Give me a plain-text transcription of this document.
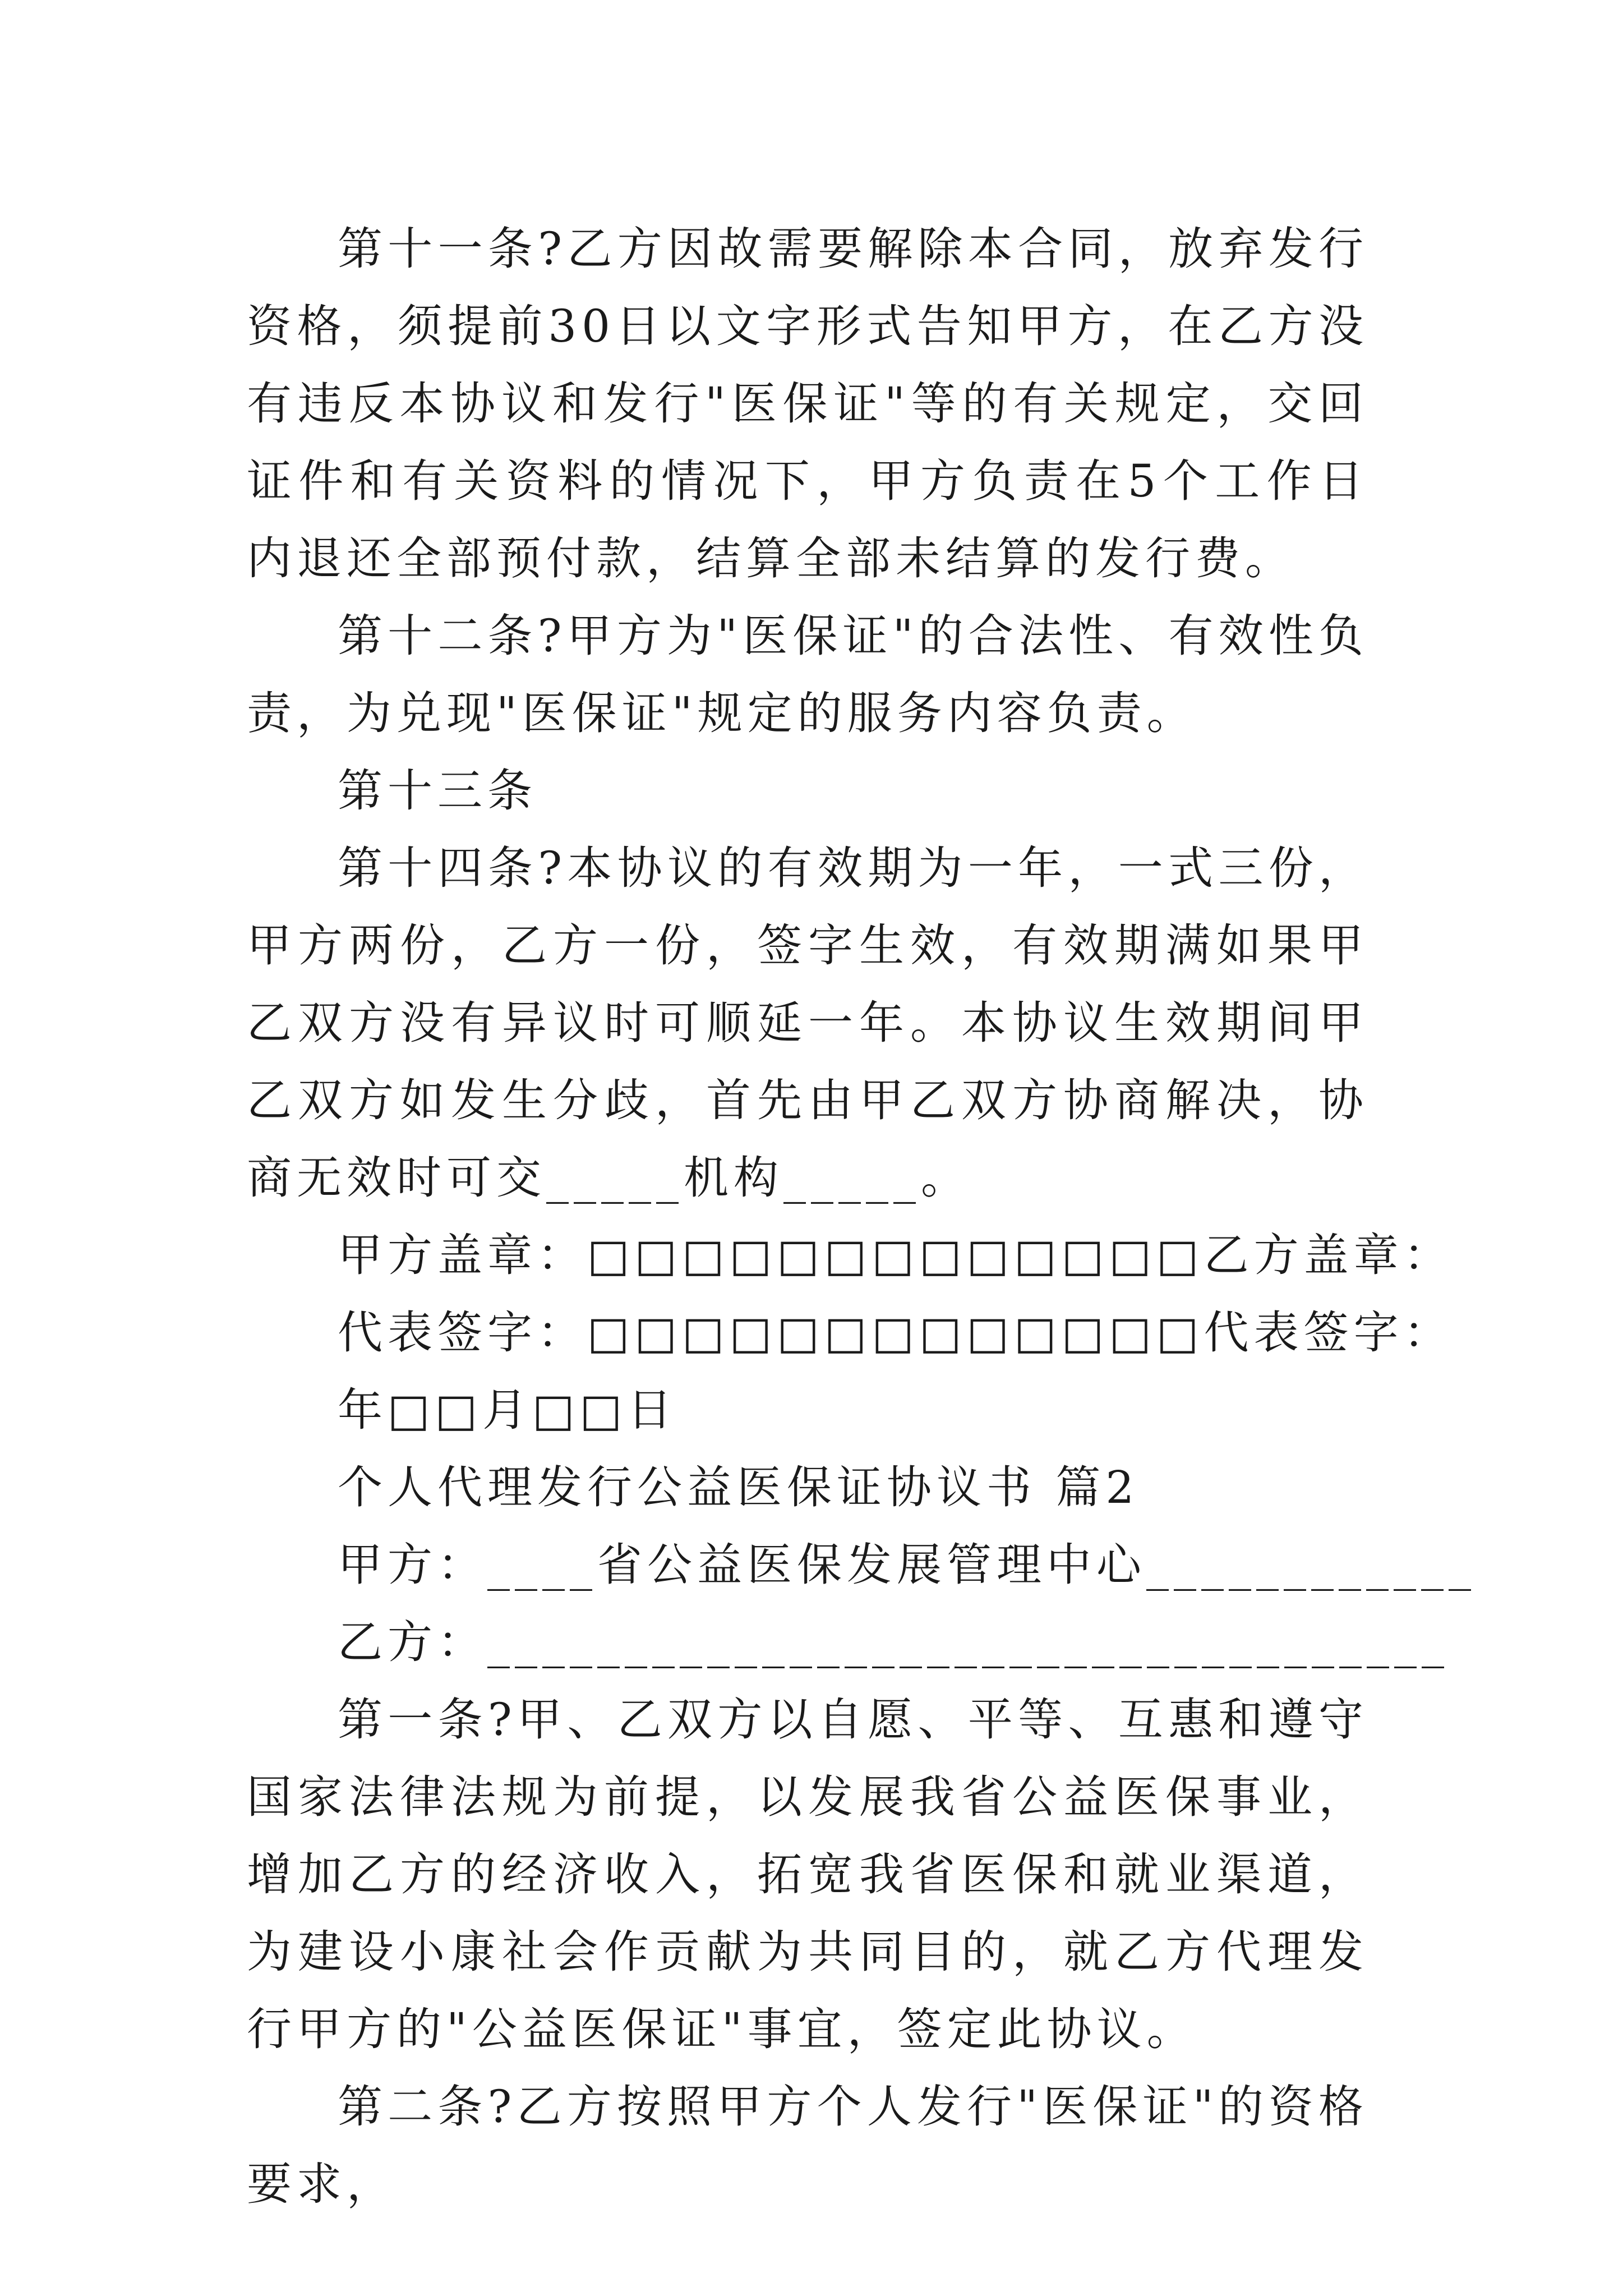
第十一条?乙方因故需要解除本合同，放弃发行资格，须提前30日以文字形式告知甲方，在乙方没有违反本协议和发行"医保证"等的有关规定，交回证件和有关资料的情况下，甲方负责在5个工作日内退还全部预付款，结算全部未结算的发行费。

第十二条?甲方为"医保证"的合法性、有效性负责，为兑现"医保证"规定的服务内容负责。

第十三条

第十四条?本协议的有效期为一年，一式三份，甲方两份，乙方一份，签字生效，有效期满如果甲乙双方没有异议时可顺延一年。本协议生效期间甲乙双方如发生分歧，首先由甲乙双方协商解决，协商无效时可交_____机构_____。

甲方盖章：□□□□□□□□□□□□□乙方盖章：

代表签字：□□□□□□□□□□□□□代表签字：

年□□月□□日

个人代理发行公益医保证协议书 篇2

甲方：____省公益医保发展管理中心____________

乙方：___________________________________

第一条?甲、乙双方以自愿、平等、互惠和遵守国家法律法规为前提，以发展我省公益医保事业，增加乙方的经济收入，拓宽我省医保和就业渠道，为建设小康社会作贡献为共同目的，就乙方代理发行甲方的"公益医保证"事宜，签定此协议。

第二条?乙方按照甲方个人发行"医保证"的资格要求，
